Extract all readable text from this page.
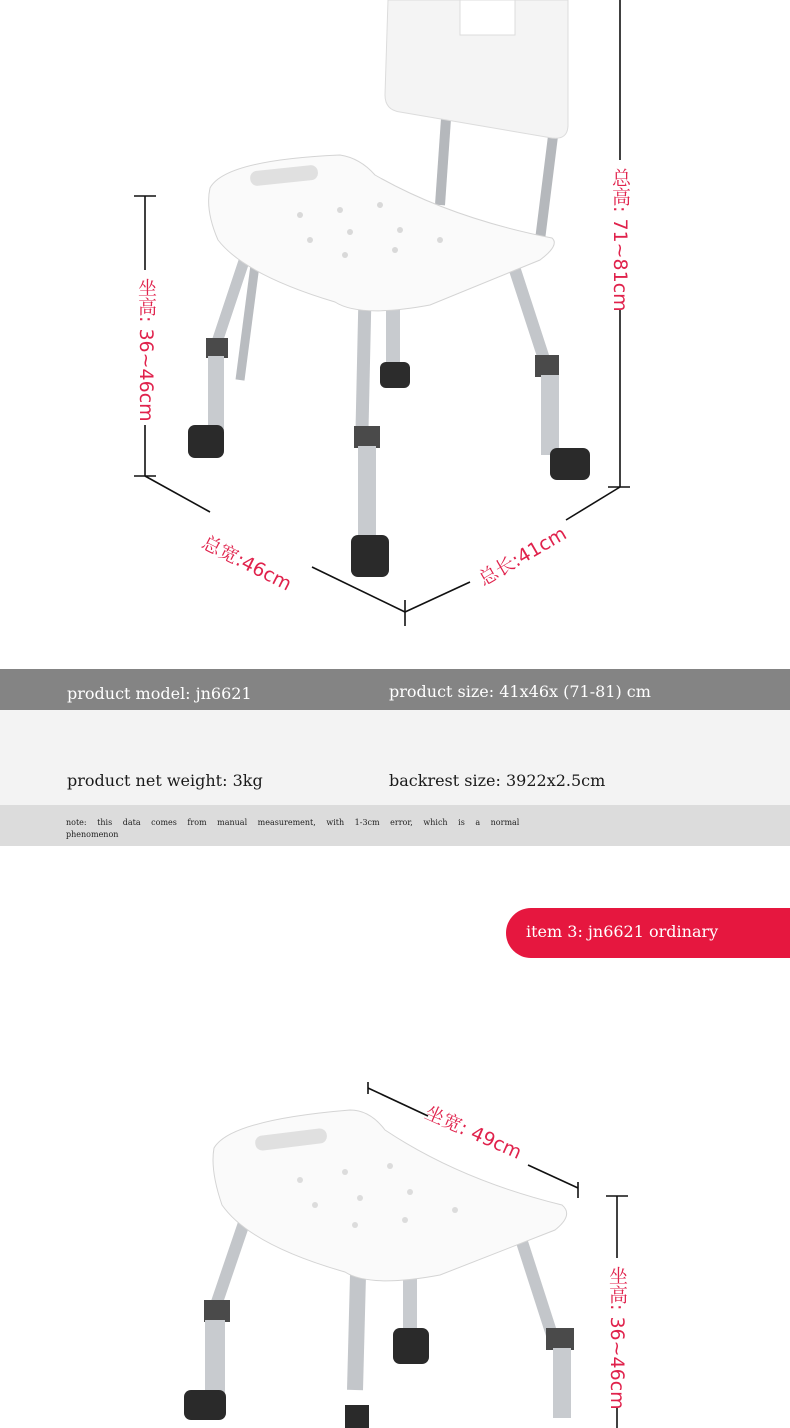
总高: 71~81cm
坐高: 36~46cm
总宽:46cm	总长:41cm
product model: jn6621	product size: 41x46x (71-81) cm
product net weight: 3kg	backrest size: 3922x2.5cm
note: this data comes from manual measurement, with 1-3cm error, which is a normal phenomenon
item 3: jn6621 ordinary
坐宽: 49cm
坐高: 36~46cm
